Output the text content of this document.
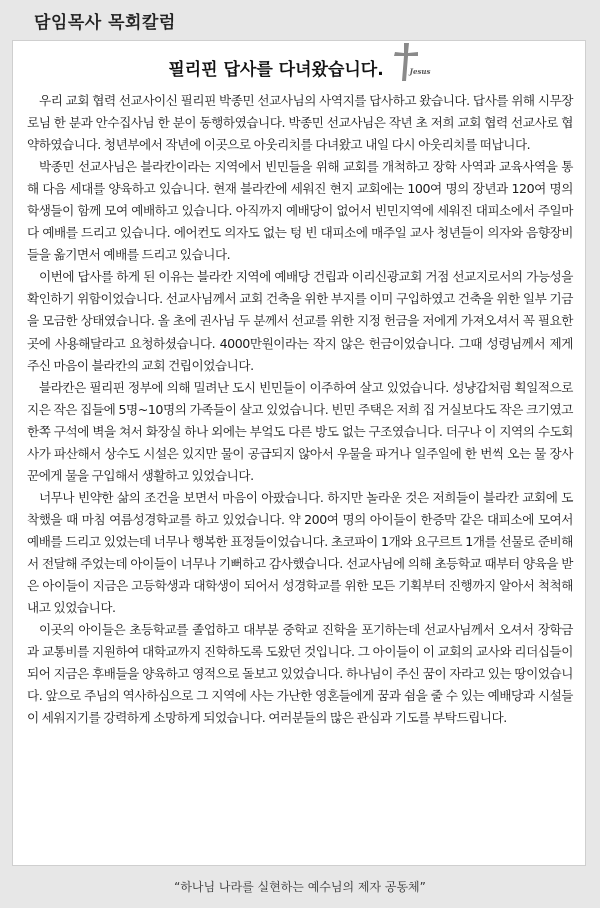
담임목사 목회칼럼
필리핀 답사를 다녀왔습니다.	Jesus

우리 교회 협력 선교사이신 필리핀 박종민 선교사님의 사역지를 답사하고 왔습니다. 답사를 위해 시무장로님 한 분과 안수집사님 한 분이 동행하였습니다. 박종민 선교사님은 작년 초 저희 교회 협력 선교사로 협약하였습니다. 청년부에서 작년에 이곳으로 아웃리치를 다녀왔고 내일 다시 아웃리치를 떠납니다.

박종민 선교사님은 블라칸이라는 지역에서 빈민들을 위해 교회를 개척하고 장학 사역과 교육사역을 통해 다음 세대를 양육하고 있습니다. 현재 블라칸에 세워진 현지 교회에는 100여 명의 장년과 120여 명의 학생들이 함께 모여 예배하고 있습니다. 아직까지 예배당이 없어서 빈민지역에 세워진 대피소에서 주일마다 예배를 드리고 있습니다. 에어컨도 의자도 없는 텅 빈 대피소에 매주일 교사 청년들이 의자와 음향장비들을 옮기면서 예배를 드리고 있습니다.

이번에 답사를 하게 된 이유는 블라칸 지역에 예배당 건립과 이리신광교회 거점 선교지로서의 가능성을 확인하기 위함이었습니다. 선교사님께서 교회 건축을 위한 부지를 이미 구입하였고 건축을 위한 일부 기금을 모금한 상태였습니다. 올 초에 권사님 두 분께서 선교를 위한 지정 헌금을 저에게 가져오셔서 꼭 필요한 곳에 사용해달라고 요청하셨습니다. 4000만원이라는 작지 않은 헌금이었습니다. 그때 성령님께서 제게 주신 마음이 블라칸의 교회 건립이었습니다.

블라칸은 필리핀 정부에 의해 밀려난 도시 빈민들이 이주하여 살고 있었습니다. 성냥갑처럼 획일적으로 지은 작은 집들에 5명~10명의 가족들이 살고 있었습니다. 빈민 주택은 저희 집 거실보다도 작은 크기였고 한쪽 구석에 벽을 쳐서 화장실 하나 외에는 부엌도 다른 방도 없는 구조였습니다. 더구나 이 지역의 수도회사가 파산해서 상수도 시설은 있지만 물이 공급되지 않아서 우물을 파거나 일주일에 한 번씩 오는 물 장사꾼에게 물을 구입해서 생활하고 있었습니다.

너무나 빈약한 삶의 조건을 보면서 마음이 아팠습니다. 하지만 놀라운 것은 저희들이 블라칸 교회에 도착했을 때 마침 여름성경학교를 하고 있었습니다. 약 200여 명의 아이들이 한증막 같은 대피소에 모여서 예배를 드리고 있었는데 너무나 행복한 표정들이었습니다. 초코파이 1개와 요구르트 1개를 선물로 준비해서 전달해 주었는데 아이들이 너무나 기뻐하고 감사했습니다. 선교사님에 의해 초등학교 때부터 양육을 받은 아이들이 지금은 고등학생과 대학생이 되어서 성경학교를 위한 모든 기획부터 진행까지 알아서 척척해내고 있었습니다.

이곳의 아이들은 초등학교를 졸업하고 대부분 중학교 진학을 포기하는데 선교사님께서 오셔서 장학금과 교통비를 지원하여 대학교까지 진학하도록 도왔던 것입니다. 그 아이들이 이 교회의 교사와 리더십들이 되어 지금은 후배들을 양육하고 영적으로 돌보고 있었습니다. 하나님이 주신 꿈이 자라고 있는 땅이었습니다. 앞으로 주님의 역사하심으로 그 지역에 사는 가난한 영혼들에게 꿈과 쉼을 줄 수 있는 예배당과 시설들이 세워지기를 강력하게 소망하게 되었습니다. 여러분들의 많은 관심과 기도를 부탁드립니다.

“하나님 나라를 실현하는 예수님의 제자 공동체”
